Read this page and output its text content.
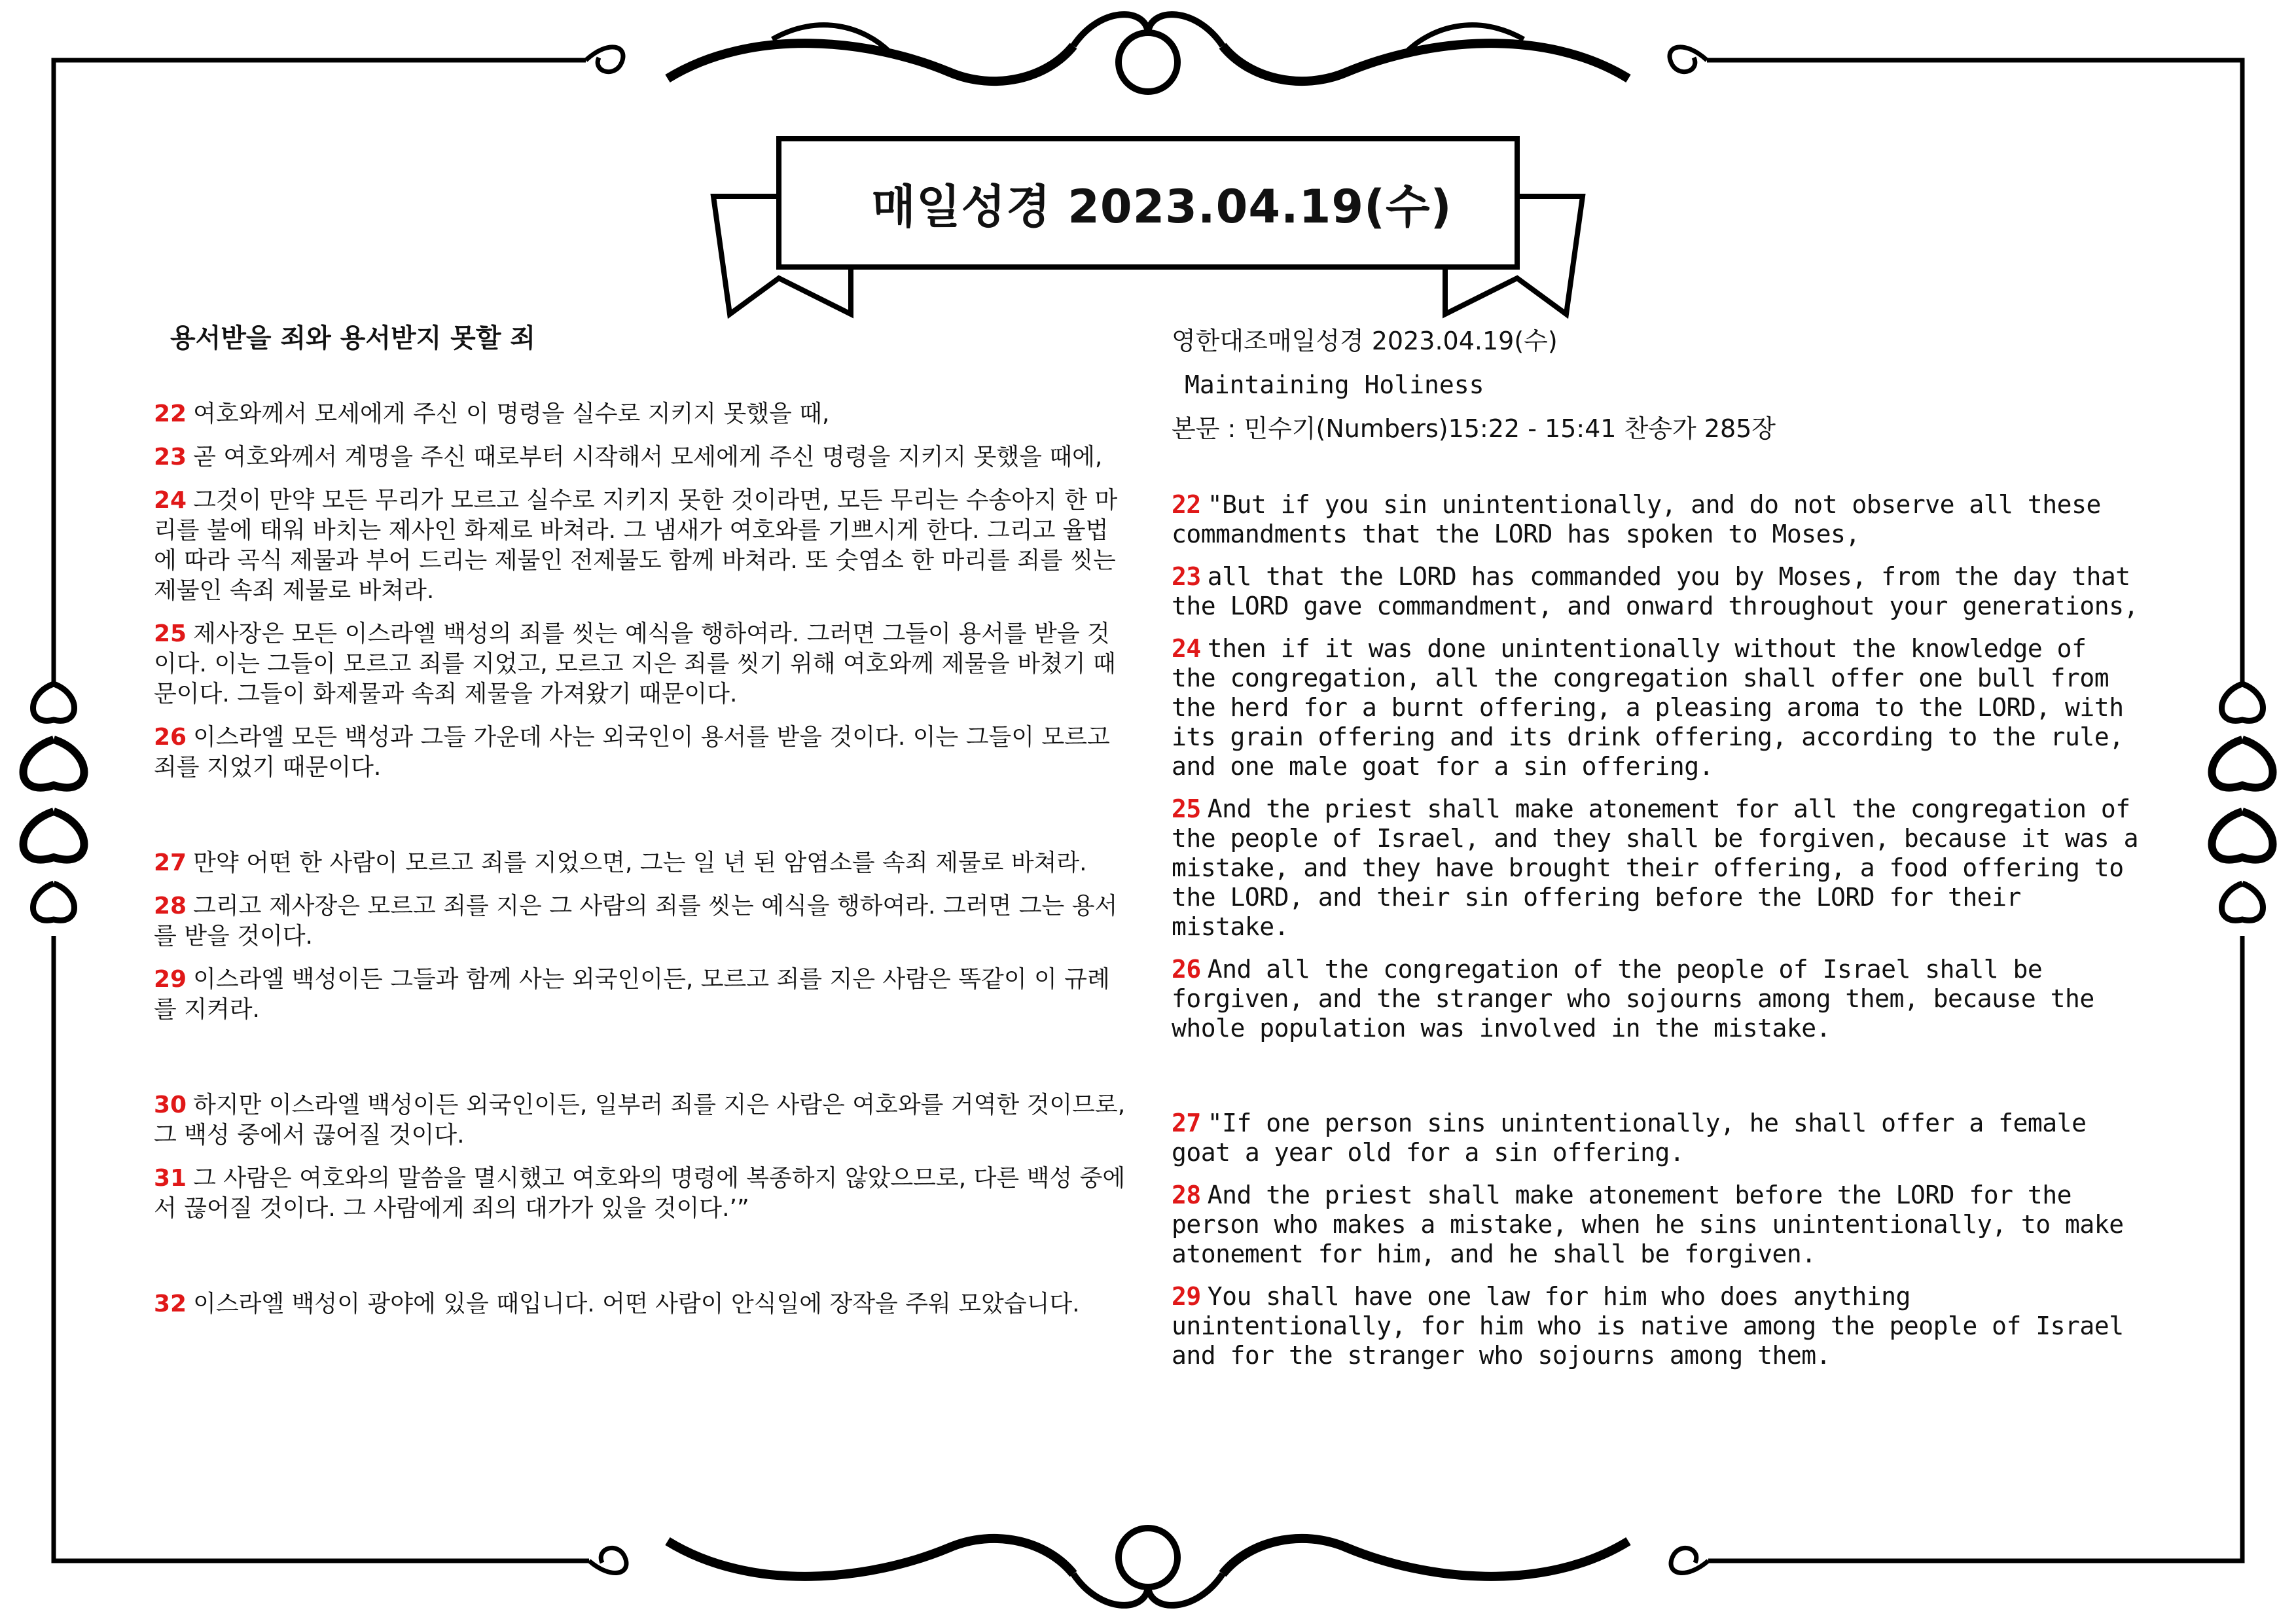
매일성경 2023.04.19(수)
용서받을 죄와 용서받지 못할 죄
22 여호와께서 모세에게 주신 이 명령을 실수로 지키지 못했을 때,
23 곧 여호와께서 계명을 주신 때로부터 시작해서 모세에게 주신 명령을 지키지 못했을 때에,
24 그것이 만약 모든 무리가 모르고 실수로 지키지 못한 것이라면, 모든 무리는 수송아지 한 마리를 불에 태워 바치는 제사인 화제로 바쳐라. 그 냄새가 여호와를 기쁘시게 한다. 그리고 율법에 따라 곡식 제물과 부어 드리는 제물인 전제물도 함께 바쳐라. 또 숫염소 한 마리를 죄를 씻는 제물인 속죄 제물로 바쳐라.
25 제사장은 모든 이스라엘 백성의 죄를 씻는 예식을 행하여라. 그러면 그들이 용서를 받을 것이다. 이는 그들이 모르고 죄를 지었고, 모르고 지은 죄를 씻기 위해 여호와께 제물을 바쳤기 때문이다. 그들이 화제물과 속죄 제물을 가져왔기 때문이다.
26 이스라엘 모든 백성과 그들 가운데 사는 외국인이 용서를 받을 것이다. 이는 그들이 모르고 죄를 지었기 때문이다.
27 만약 어떤 한 사람이 모르고 죄를 지었으면, 그는 일 년 된 암염소를 속죄 제물로 바쳐라.
28 그리고 제사장은 모르고 죄를 지은 그 사람의 죄를 씻는 예식을 행하여라. 그러면 그는 용서를 받을 것이다.
29 이스라엘 백성이든 그들과 함께 사는 외국인이든, 모르고 죄를 지은 사람은 똑같이 이 규례를 지켜라.
30 하지만 이스라엘 백성이든 외국인이든, 일부러 죄를 지은 사람은 여호와를 거역한 것이므로, 그 백성 중에서 끊어질 것이다.
31 그 사람은 여호와의 말씀을 멸시했고 여호와의 명령에 복종하지 않았으므로, 다른 백성 중에서 끊어질 것이다. 그 사람에게 죄의 대가가 있을 것이다.’”
32 이스라엘 백성이 광야에 있을 때입니다. 어떤 사람이 안식일에 장작을 주워 모았습니다.
영한대조매일성경 2023.04.19(수)
Maintaining Holiness
본문 : 민수기(Numbers)15:22 - 15:41 찬송가 285장
22 "But if you sin unintentionally, and do not observe all these commandments that the LORD has spoken to Moses,
23 all that the LORD has commanded you by Moses, from the day that the LORD gave commandment, and onward throughout your generations,
24 then if it was done unintentionally without the knowledge of the congregation, all the congregation shall offer one bull from the herd for a burnt offering, a pleasing aroma to the LORD, with its grain offering and its drink offering, according to the rule, and one male goat for a sin offering.
25 And the priest shall make atonement for all the congregation of the people of Israel, and they shall be forgiven, because it was a mistake, and they have brought their offering, a food offering to the LORD, and their sin offering before the LORD for their mistake.
26 And all the congregation of the people of Israel shall be forgiven, and the stranger who sojourns among them, because the whole population was involved in the mistake.
27 "If one person sins unintentionally, he shall offer a female goat a year old for a sin offering.
28 And the priest shall make atonement before the LORD for the person who makes a mistake, when he sins unintentionally, to make atonement for him, and he shall be forgiven.
29 You shall have one law for him who does anything unintentionally, for him who is native among the people of Israel and for the stranger who sojourns among them.
